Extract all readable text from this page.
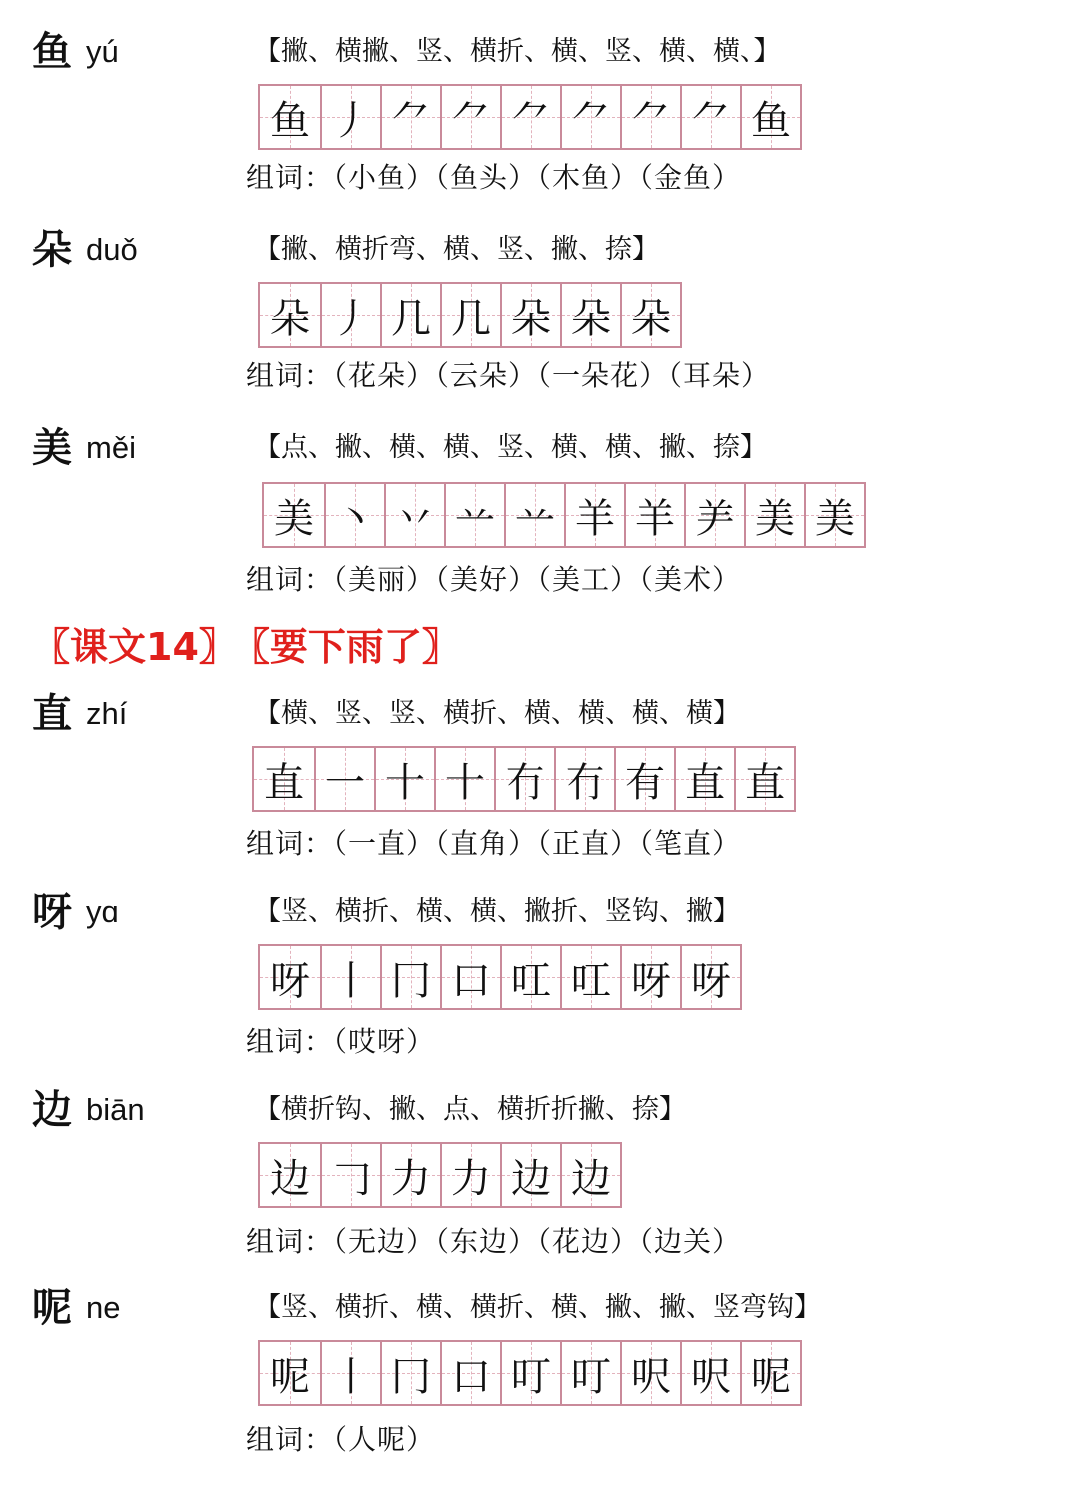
鱼 yú	【撇、横撇、竖、横折、横、竖、横、横、】
鱼 丿 ⺈ ⺈ ⺈ ⺈ ⺈ ⺈ 鱼
组词：（小鱼）（鱼头）（木鱼）（金鱼）
朵 duǒ	【撇、横折弯、横、竖、撇、捺】
朵 丿 几 几 朵 朵 朵
组词：（花朵）（云朵）（一朵花）（耳朵）
美 měi	【点、撇、横、横、竖、横、横、撇、捺】
美 丶 丷 䒑 䒑 羊 羊 ⺶ 美 美
组词：（美丽）（美好）（美工）（美术）
〖课文14〗 〖要下雨了〗
直 zhí	【横、竖、竖、横折、横、横、横、横】
直 一 十 十 冇 冇 有 直 直
组词：（一直）（直角）（正直）（笔直）
呀 yɑ	【竖、横折、横、横、撇折、竖钩、撇】
呀 丨 冂 口 叿 叿 呀 呀
组词：（哎呀）
边 biān	【横折钩、撇、点、横折折撇、捺】
边 𠃌 力 力 边 边
组词：（无边）（东边）（花边）（边关）
呢 ne	【竖、横折、横、横折、横、撇、撇、竖弯钩】
呢 丨 冂 口 叮 叮 呎 呎 呢
组词：（人呢）
